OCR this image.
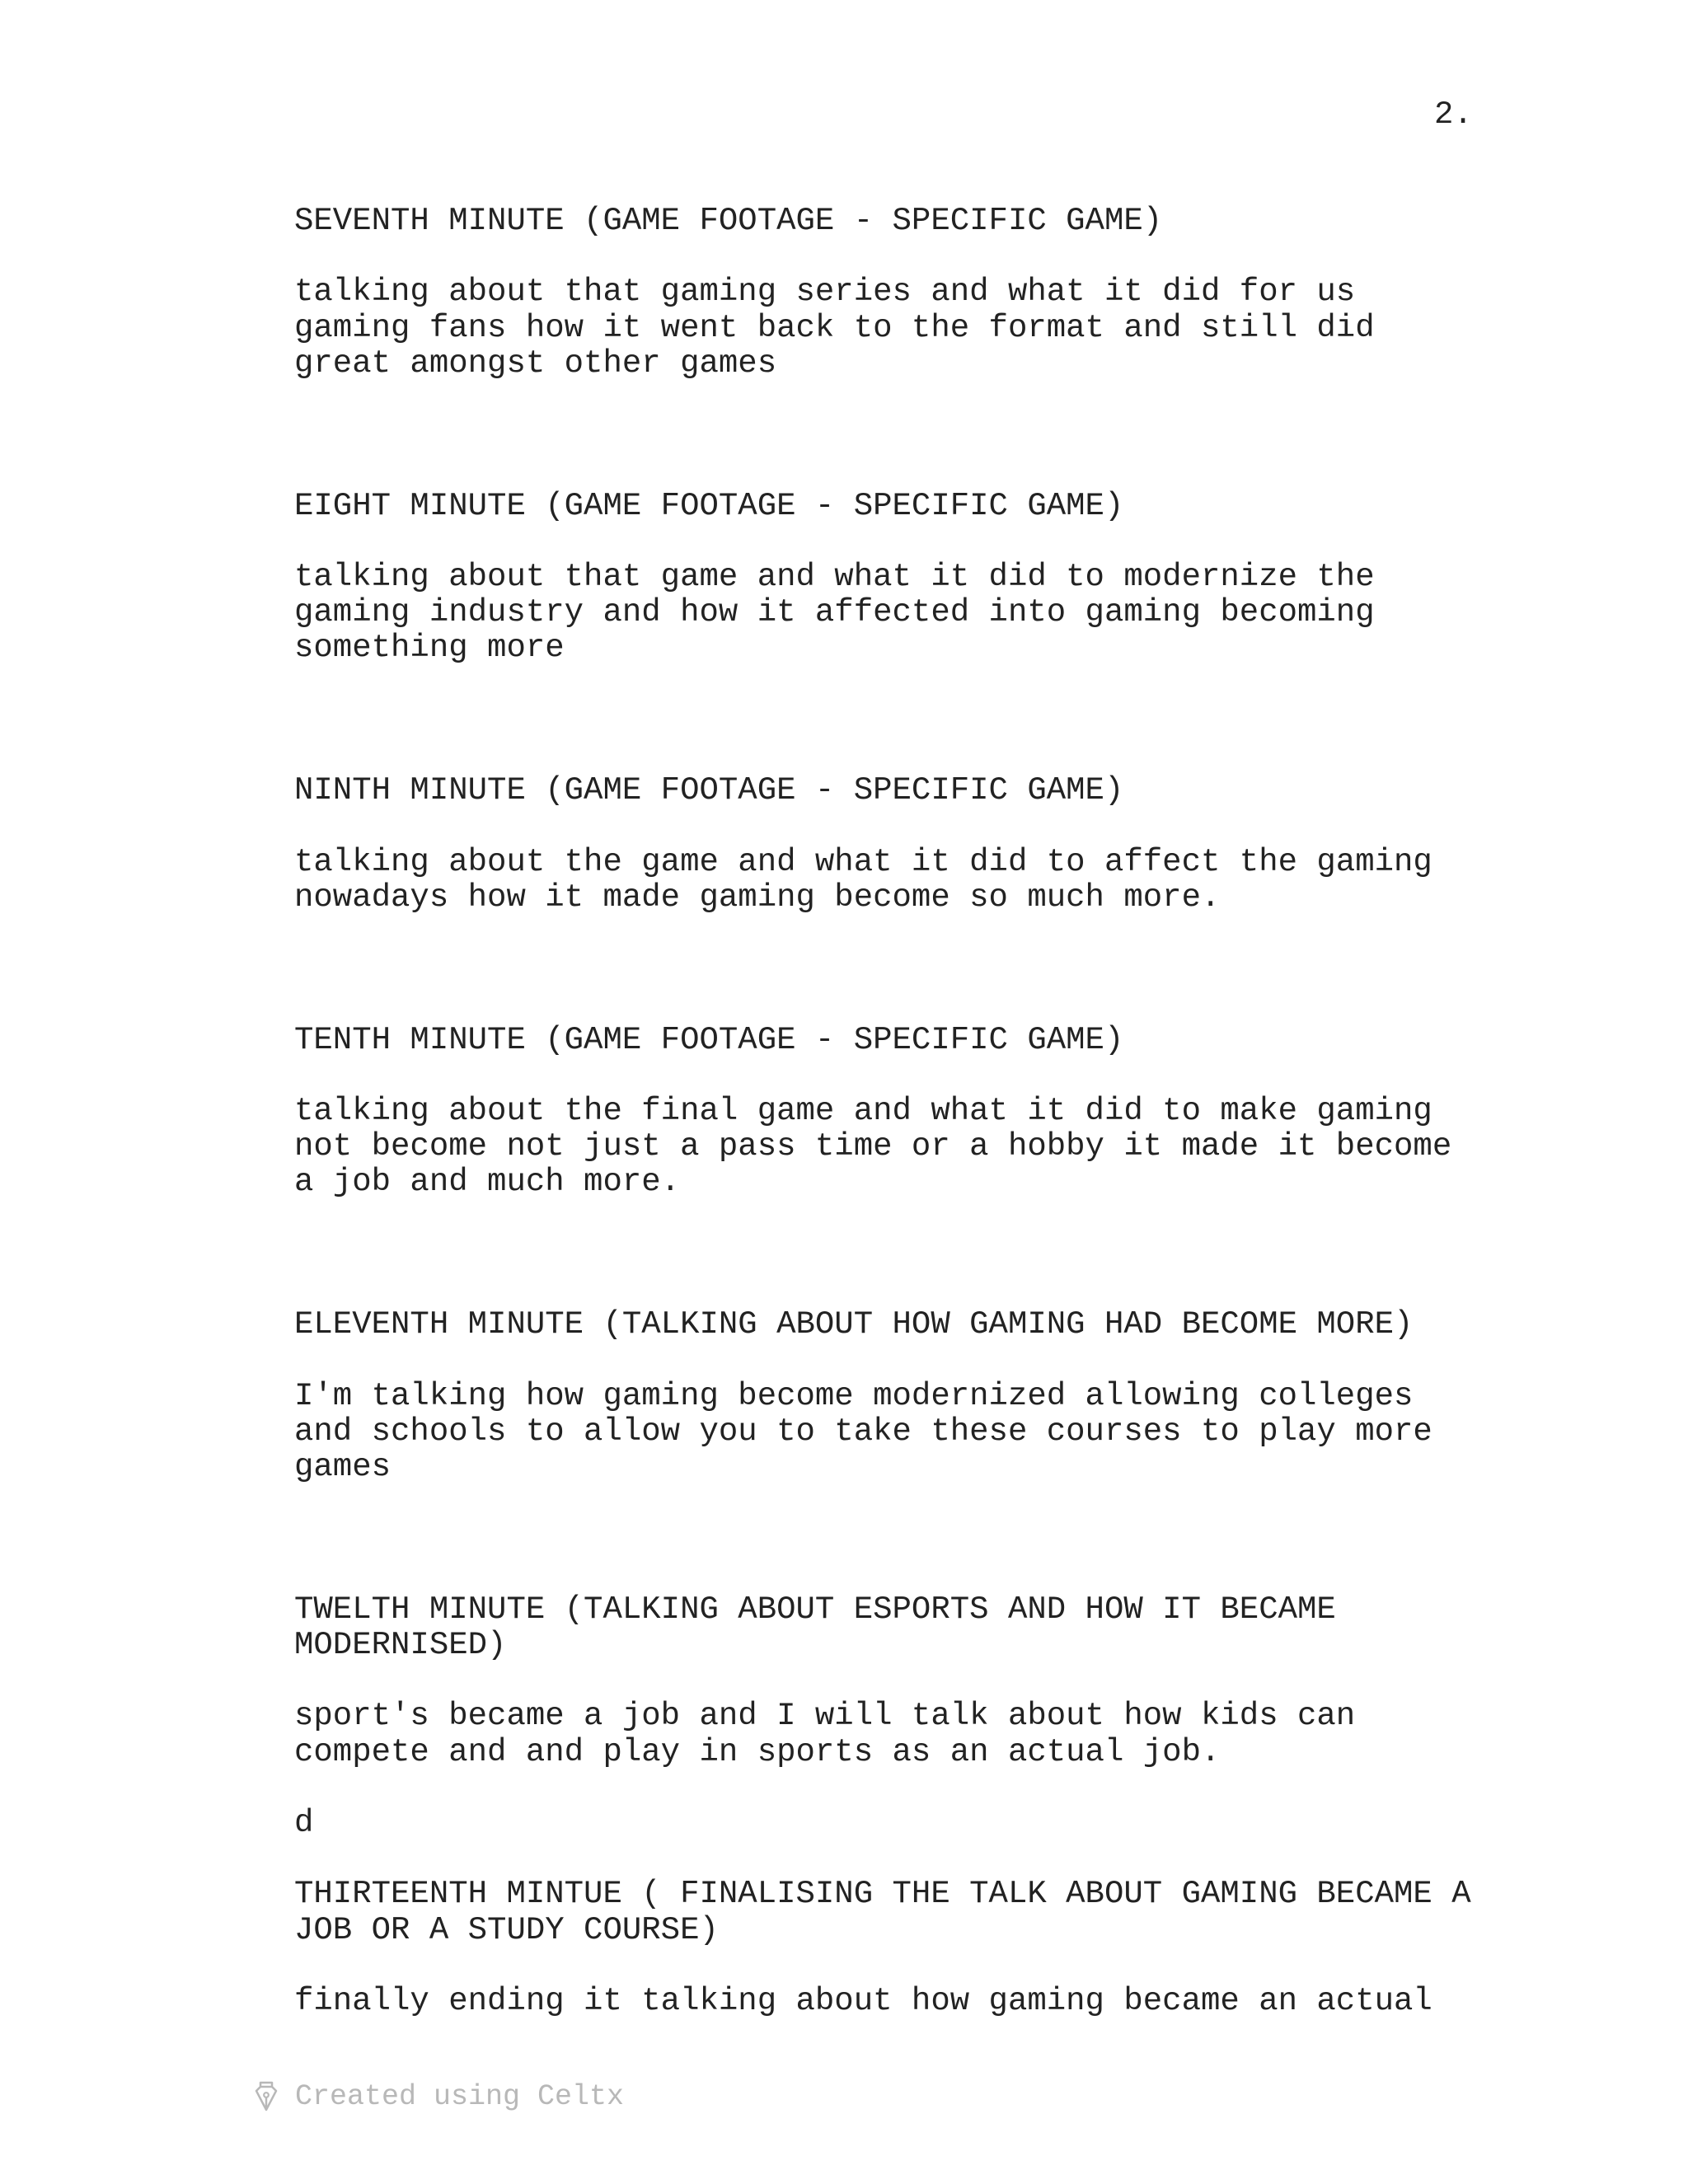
2.

SEVENTH MINUTE (GAME FOOTAGE - SPECIFIC GAME)

talking about that gaming series and what it did for us
gaming fans how it went back to the format and still did
great amongst other games

EIGHT MINUTE (GAME FOOTAGE - SPECIFIC GAME)

talking about that game and what it did to modernize the
gaming industry and how it affected into gaming becoming
something more

NINTH MINUTE (GAME FOOTAGE - SPECIFIC GAME)

talking about the game and what it did to affect the gaming
nowadays how it made gaming become so much more.

TENTH MINUTE (GAME FOOTAGE - SPECIFIC GAME)

talking about the final game and what it did to make gaming
not become not just a pass time or a hobby it made it become
a job and much more.

ELEVENTH MINUTE (TALKING ABOUT HOW GAMING HAD BECOME MORE)

I'm talking how gaming become modernized allowing colleges
and schools to allow you to take these courses to play more
games

TWELTH MINUTE (TALKING ABOUT ESPORTS AND HOW IT BECAME
MODERNISED)

sport's became a job and I will talk about how kids can
compete and and play in sports as an actual job.

d

THIRTEENTH MINTUE ( FINALISING THE TALK ABOUT GAMING BECAME A
JOB OR A STUDY COURSE)

finally ending it talking about how gaming became an actual

Created using Celtx
